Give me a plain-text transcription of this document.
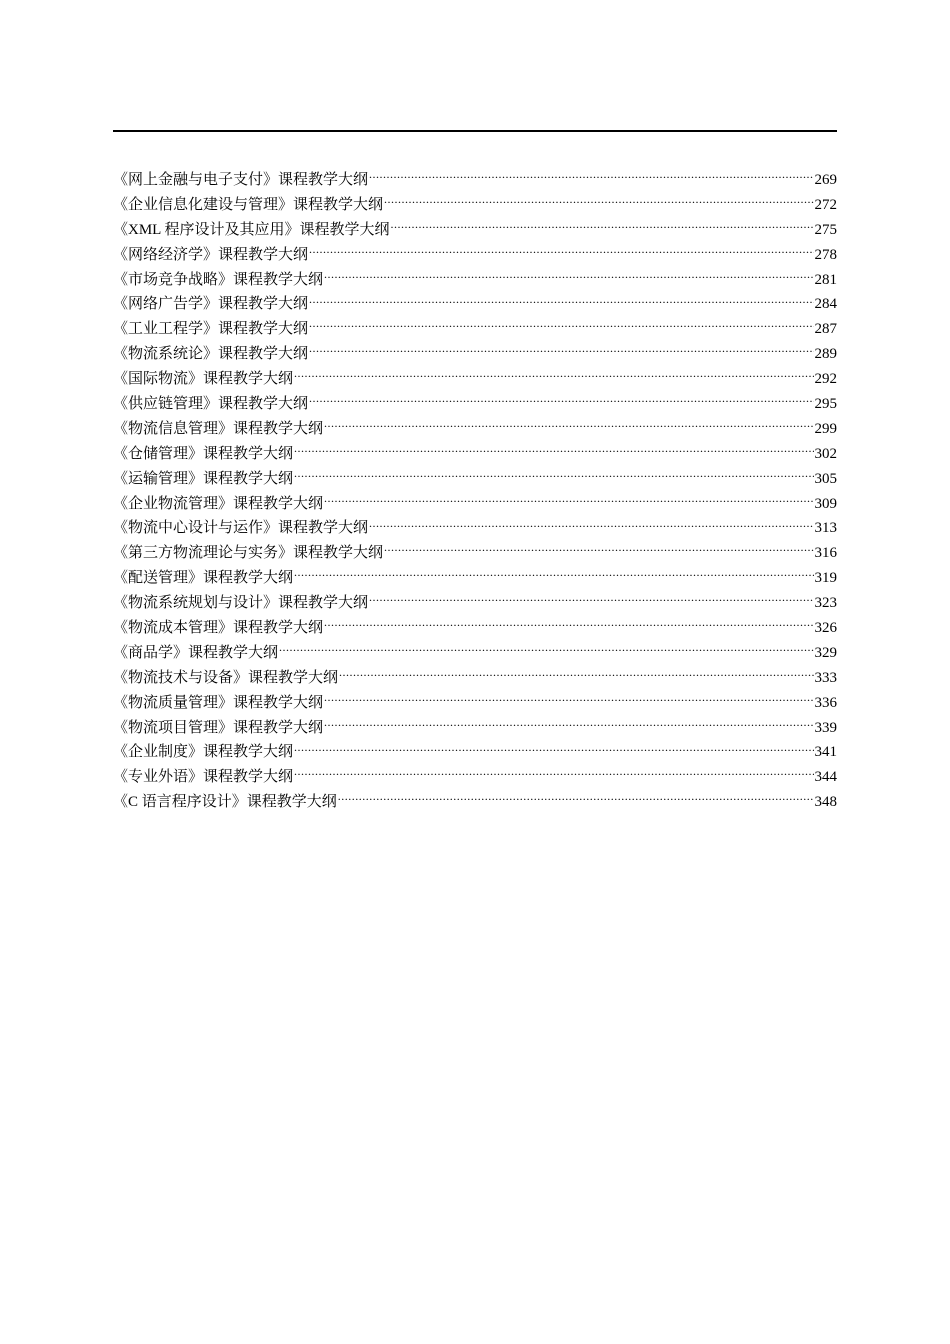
《网上金融与电子支付》课程教学大纲 .....	269
《企业信息化建设与管理》课程教学大纲 .....	272
《XML 程序设计及其应用》课程教学大纲 .....	275
《网络经济学》课程教学大纲 .....	278
《市场竞争战略》课程教学大纲 .....	281
《网络广告学》课程教学大纲 .....	284
《工业工程学》课程教学大纲 .....	287
《物流系统论》课程教学大纲 .....	289
《国际物流》课程教学大纲 .....	292
《供应链管理》课程教学大纲 .....	295
《物流信息管理》课程教学大纲 .....	299
《仓储管理》课程教学大纲 .....	302
《运输管理》课程教学大纲 .....	305
《企业物流管理》课程教学大纲 .....	309
《物流中心设计与运作》课程教学大纲 .....	313
《第三方物流理论与实务》课程教学大纲 .....	316
《配送管理》课程教学大纲 .....	319
《物流系统规划与设计》课程教学大纲 .....	323
《物流成本管理》课程教学大纲 .....	326
《商品学》课程教学大纲 .....	329
《物流技术与设备》课程教学大纲 .....	333
《物流质量管理》课程教学大纲 .....	336
《物流项目管理》课程教学大纲 .....	339
《企业制度》课程教学大纲 .....	341
《专业外语》课程教学大纲 .....	344
《C 语言程序设计》课程教学大纲 .....	348
